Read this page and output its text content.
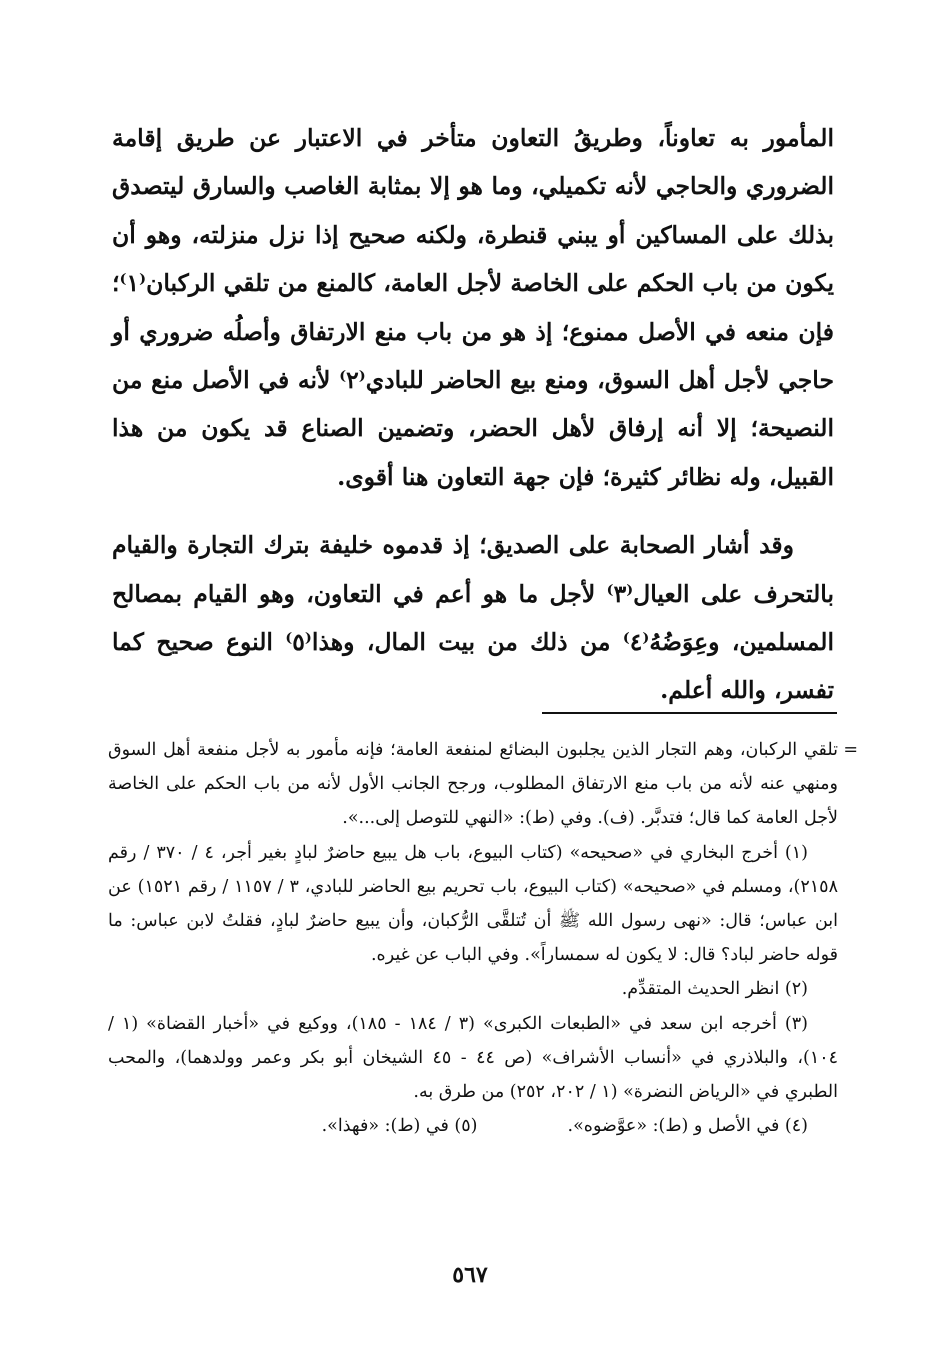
المأمور به تعاوناً، وطريقُ التعاون متأخر في الاعتبار عن طريق إقامة الضروري والحاجي لأنه تكميلي، وما هو إلا بمثابة الغاصب والسارق ليتصدق بذلك على المساكين أو يبني قنطرة، ولكنه صحيح إذا نزل منزلته، وهو أن يكون من باب الحكم على الخاصة لأجل العامة، كالمنع من تلقي الركبان⁽١⁾؛ فإن منعه في الأصل ممنوع؛ إذ هو من باب منع الارتفاق وأصلُه ضروري أو حاجي لأجل أهل السوق، ومنع بيع الحاضر للبادي⁽٢⁾ لأنه في الأصل منع من النصيحة؛ إلا أنه إرفاق لأهل الحضر، وتضمين الصناع قد يكون من هذا القبيل، وله نظائر كثيرة؛ فإن جهة التعاون هنا أقوى.

وقد أشار الصحابة على الصديق؛ إذ قدموه خليفة بترك التجارة والقيام بالتحرف على العيال⁽٣⁾ لأجل ما هو أعم في التعاون، وهو القيام بمصالح المسلمين، وعِوَضُهُ⁽٤⁾ من ذلك من بيت المال، وهذا⁽٥⁾ النوع صحيح كما تفسر، والله أعلم.

=
تلقي الركبان، وهم التجار الذين يجلبون البضائع لمنفعة العامة؛ فإنه مأمور به لأجل منفعة أهل السوق ومنهي عنه لأنه من باب منع الارتفاق المطلوب، ورجح الجانب الأول لأنه من باب الحكم على الخاصة لأجل العامة كما قال؛ فتدبَّر. (ف). وفي (ط): «النهي للتوصل إلى...».

(١) أخرج البخاري في «صحيحه» (كتاب البيوع، باب هل يبيع حاضرٌ لبادٍ بغير أجر، ٤ / ٣٧٠ / رقم ٢١٥٨)، ومسلم في «صحيحه» (كتاب البيوع، باب تحريم بيع الحاضر للبادي، ٣ / ١١٥٧ / رقم ١٥٢١) عن ابن عباس؛ قال: «نهى رسول الله ﷺ أن تُتلقَّى الرُّكبان، وأن يبيع حاضرٌ لبادٍ، فقلتُ لابن عباس: ما قوله حاضر لباد؟ قال: لا يكون له سمساراً». وفي الباب عن غيره.

(٢) انظر الحديث المتقدِّم.

(٣) أخرجه ابن سعد في «الطبعات الكبرى» (٣ / ١٨٤ - ١٨٥)، ووكيع في «أخبار القضاة» (١ / ١٠٤)، والبلاذري في «أنساب الأشراف» (ص ٤٤ - ٤٥ الشيخان أبو بكر وعمر وولدهما)، والمحب الطبري في «الرياض النضرة» (١ / ٢٠٢، ٢٥٢) من طرق به.

(٤) في الأصل و (ط): «عوَّضوه».
(٥) في (ط): «فهذا».

٥٦٧
